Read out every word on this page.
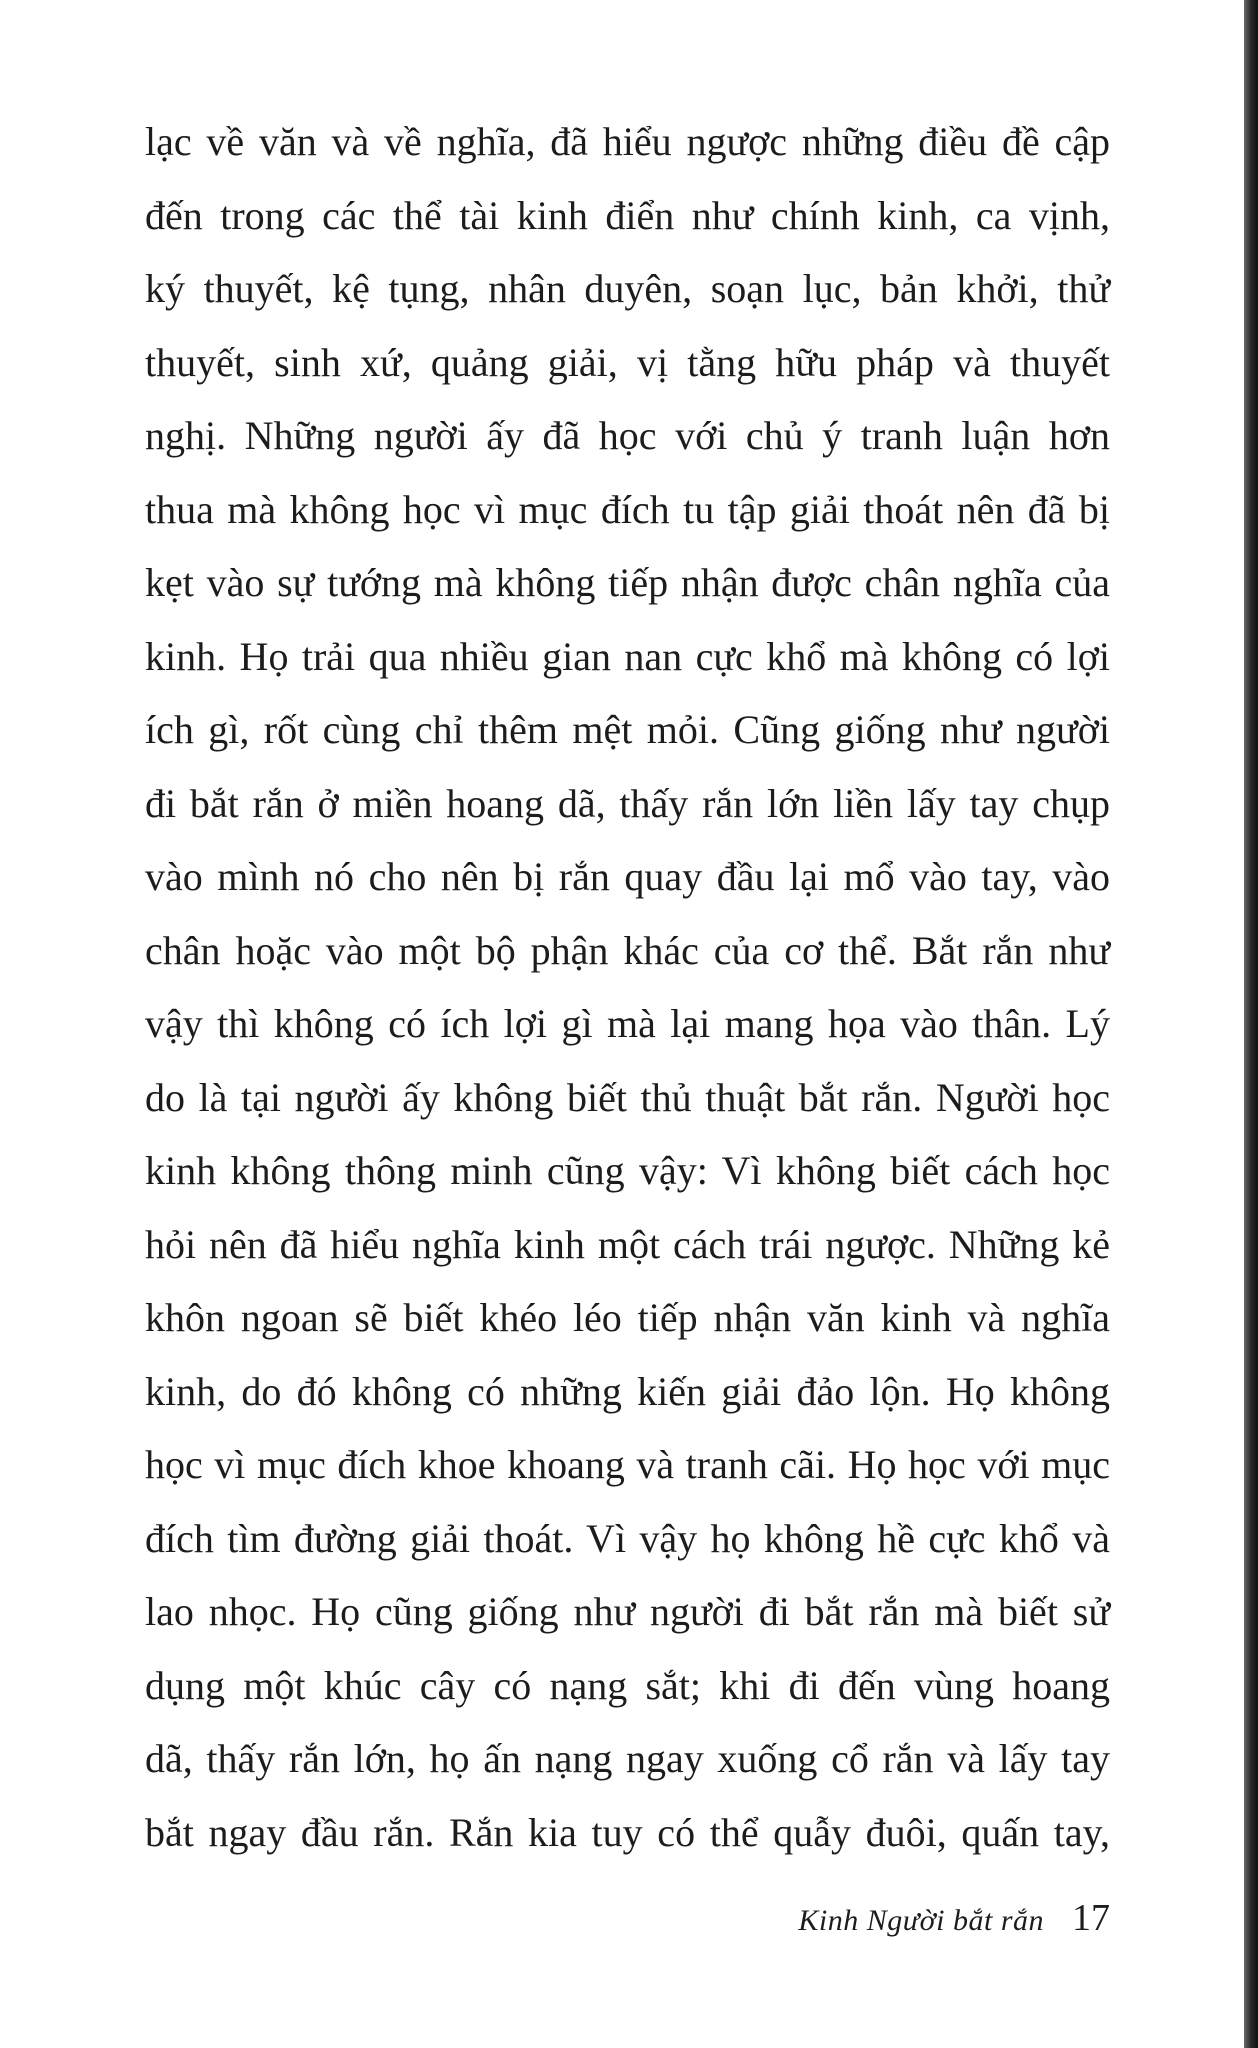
lạc về văn và về nghĩa, đã hiểu ngược những điều đề cập
đến trong các thể tài kinh điển như chính kinh, ca vịnh,
ký thuyết, kệ tụng, nhân duyên, soạn lục, bản khởi, thử
thuyết, sinh xứ, quảng giải, vị tằng hữu pháp và thuyết
nghị. Những người ấy đã học với chủ ý tranh luận hơn
thua mà không học vì mục đích tu tập giải thoát nên đã bị
kẹt vào sự tướng mà không tiếp nhận được chân nghĩa của
kinh. Họ trải qua nhiều gian nan cực khổ mà không có lợi
ích gì, rốt cùng chỉ thêm mệt mỏi. Cũng giống như người
đi bắt rắn ở miền hoang dã, thấy rắn lớn liền lấy tay chụp
vào mình nó cho nên bị rắn quay đầu lại mổ vào tay, vào
chân hoặc vào một bộ phận khác của cơ thể. Bắt rắn như
vậy thì không có ích lợi gì mà lại mang họa vào thân. Lý
do là tại người ấy không biết thủ thuật bắt rắn. Người học
kinh không thông minh cũng vậy: Vì không biết cách học
hỏi nên đã hiểu nghĩa kinh một cách trái ngược. Những kẻ
khôn ngoan sẽ biết khéo léo tiếp nhận văn kinh và nghĩa
kinh, do đó không có những kiến giải đảo lộn. Họ không
học vì mục đích khoe khoang và tranh cãi. Họ học với mục
đích tìm đường giải thoát. Vì vậy họ không hề cực khổ và
lao nhọc. Họ cũng giống như người đi bắt rắn mà biết sử
dụng một khúc cây có nạng sắt; khi đi đến vùng hoang
dã, thấy rắn lớn, họ ấn nạng ngay xuống cổ rắn và lấy tay
bắt ngay đầu rắn. Rắn kia tuy có thể quẫy đuôi, quấn tay,
Kinh Người bắt rắn 17
